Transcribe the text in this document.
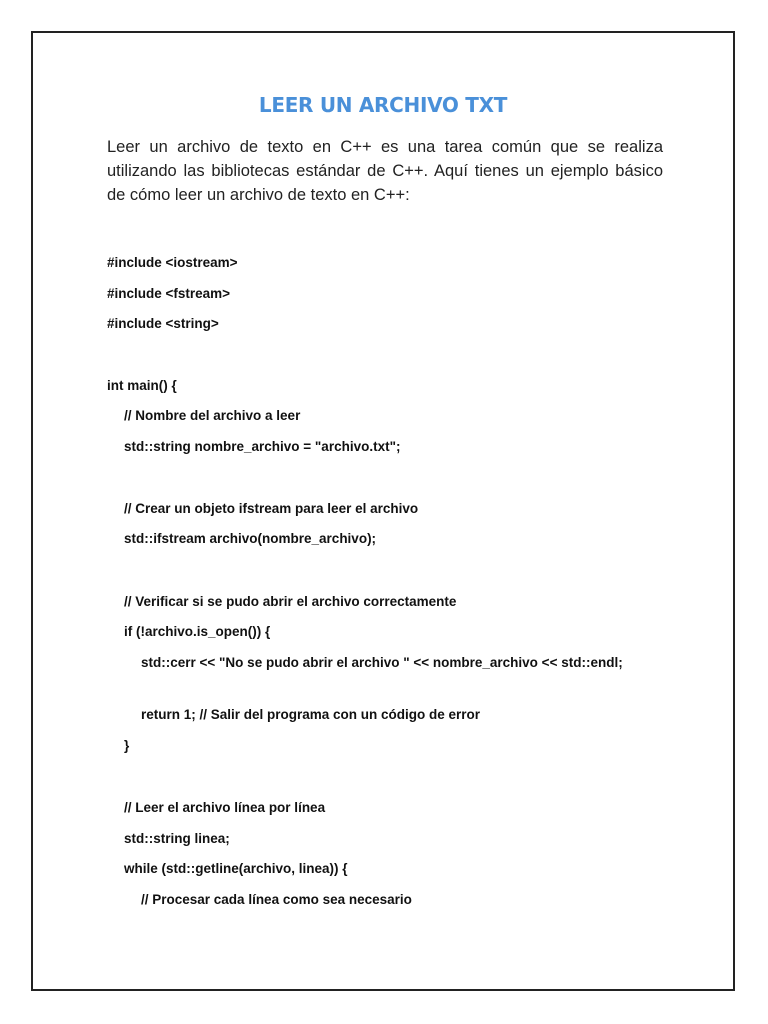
LEER UN ARCHIVO TXT
Leer un archivo de texto en C++ es una tarea común que se realiza utilizando las bibliotecas estándar de C++. Aquí tienes un ejemplo básico de cómo leer un archivo de texto en C++:
#include <iostream>
#include <fstream>
#include <string>
int main() {
// Nombre del archivo a leer
std::string nombre_archivo = "archivo.txt";
// Crear un objeto ifstream para leer el archivo
std::ifstream archivo(nombre_archivo);
// Verificar si se pudo abrir el archivo correctamente
if (!archivo.is_open()) {
std::cerr << "No se pudo abrir el archivo " << nombre_archivo << std::endl;
return 1; // Salir del programa con un código de error
}
// Leer el archivo línea por línea
std::string linea;
while (std::getline(archivo, linea)) {
// Procesar cada línea como sea necesario
